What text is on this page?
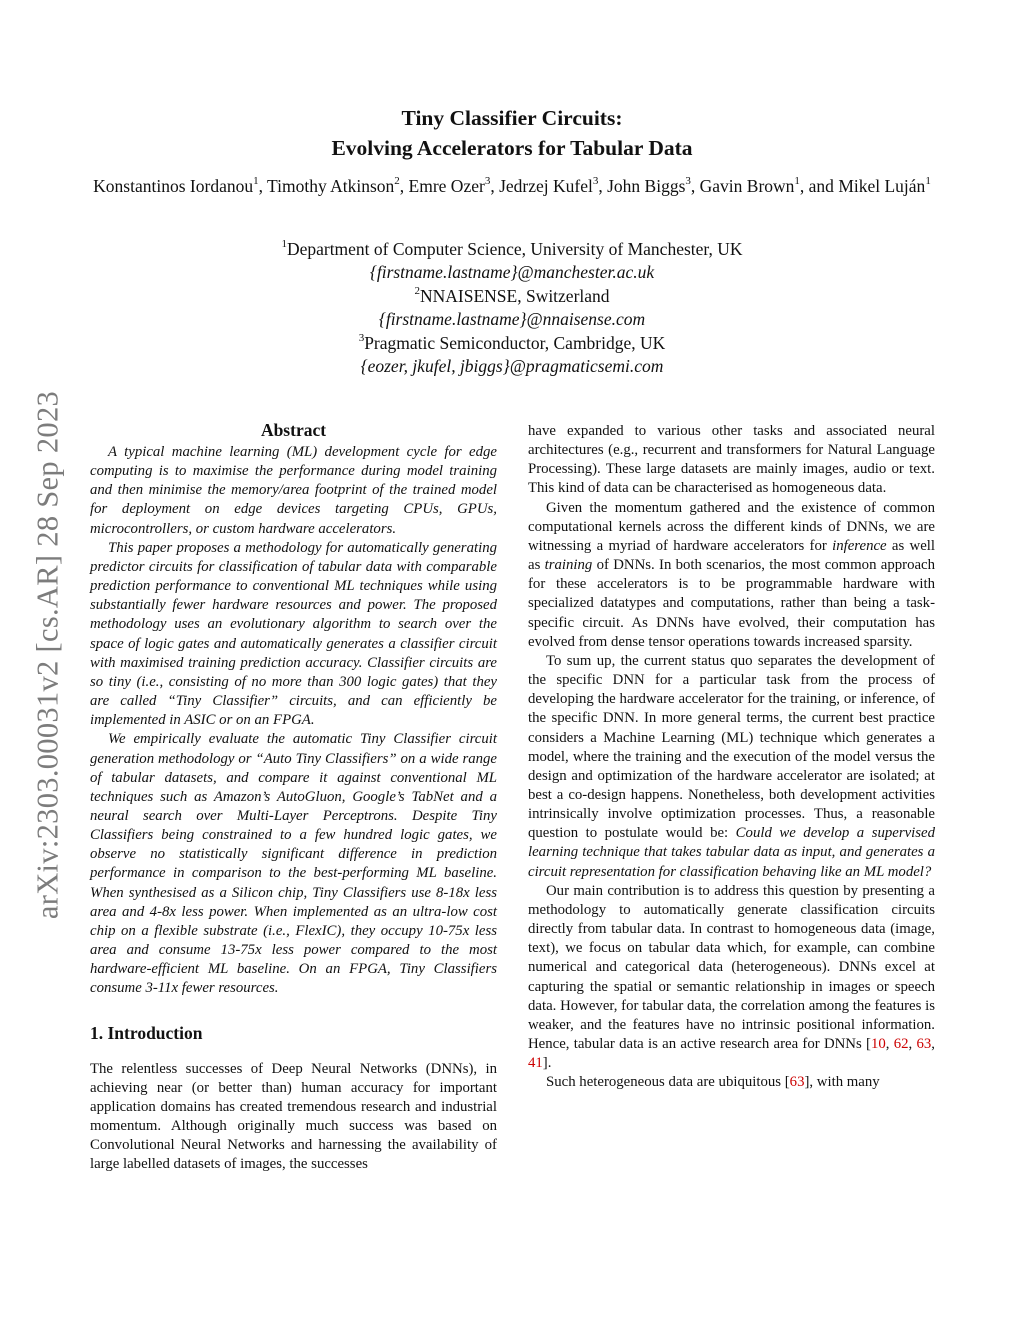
arXiv:2303.00031v2 [cs.AR] 28 Sep 2023
Tiny Classifier Circuits:
Evolving Accelerators for Tabular Data
Konstantinos Iordanou$^1$, Timothy Atkinson$^2$, Emre Ozer$^3$, Jedrzej Kufel$^3$, John Biggs$^3$, Gavin Brown$^1$, and Mikel Luján$^1$
$^1$Department of Computer Science, University of Manchester, UK
{firstname.lastname}@manchester.ac.uk
$^2$NNAISENSE, Switzerland
{firstname.lastname}@nnaisense.com
$^3$Pragmatic Semiconductor, Cambridge, UK
{eozer, jkufel, jbiggs}@pragmaticsemi.com
Abstract

A typical machine learning (ML) development cycle for edge computing is to maximise the performance during model training and then minimise the memory/area footprint of the trained model for deployment on edge devices targeting CPUs, GPUs, microcontrollers, or custom hardware accelerators.

This paper proposes a methodology for automatically generating predictor circuits for classification of tabular data with comparable prediction performance to conventional ML techniques while using substantially fewer hardware resources and power. The proposed methodology uses an evolutionary algorithm to search over the space of logic gates and automatically generates a classifier circuit with maximised training prediction accuracy. Classifier circuits are so tiny (i.e., consisting of no more than 300 logic gates) that they are called “Tiny Classifier” circuits, and can efficiently be implemented in ASIC or on an FPGA.

We empirically evaluate the automatic Tiny Classifier circuit generation methodology or “Auto Tiny Classifiers” on a wide range of tabular datasets, and compare it against conventional ML techniques such as Amazon’s AutoGluon, Google’s TabNet and a neural search over Multi-Layer Perceptrons. Despite Tiny Classifiers being constrained to a few hundred logic gates, we observe no statistically significant difference in prediction performance in comparison to the best-performing ML baseline. When synthesised as a Silicon chip, Tiny Classifiers use 8-18x less area and 4-8x less power. When implemented as an ultra-low cost chip on a flexible substrate (i.e., FlexIC), they occupy 10-75x less area and consume 13-75x less power compared to the most hardware-efficient ML baseline. On an FPGA, Tiny Classifiers consume 3-11x fewer resources.

1. Introduction

The relentless successes of Deep Neural Networks (DNNs), in achieving near (or better than) human accuracy for important application domains has created tremendous research and industrial momentum. Although originally much success was based on Convolutional Neural Networks and harnessing the availability of large labelled datasets of images, the successes

have expanded to various other tasks and associated neural architectures (e.g., recurrent and transformers for Natural Language Processing). These large datasets are mainly images, audio or text. This kind of data can be characterised as homogeneous data.

Given the momentum gathered and the existence of common computational kernels across the different kinds of DNNs, we are witnessing a myriad of hardware accelerators for inference as well as training of DNNs. In both scenarios, the most common approach for these accelerators is to be programmable hardware with specialized datatypes and computations, rather than being a task-specific circuit. As DNNs have evolved, their computation has evolved from dense tensor operations towards increased sparsity.

To sum up, the current status quo separates the development of the specific DNN for a particular task from the process of developing the hardware accelerator for the training, or inference, of the specific DNN. In more general terms, the current best practice considers a Machine Learning (ML) technique which generates a model, where the training and the execution of the model versus the design and optimization of the hardware accelerator are isolated; at best a co-design happens. Nonetheless, both development activities intrinsically involve optimization processes. Thus, a reasonable question to postulate would be: Could we develop a supervised learning technique that takes tabular data as input, and generates a circuit representation for classification behaving like an ML model?

Our main contribution is to address this question by presenting a methodology to automatically generate classification circuits directly from tabular data. In contrast to homogeneous data (image, text), we focus on tabular data which, for example, can combine numerical and categorical data (heterogeneous). DNNs excel at capturing the spatial or semantic relationship in images or speech data. However, for tabular data, the correlation among the features is weaker, and the features have no intrinsic positional information. Hence, tabular data is an active research area for DNNs [10, 62, 63, 41].

Such heterogeneous data are ubiquitous [63], with many
